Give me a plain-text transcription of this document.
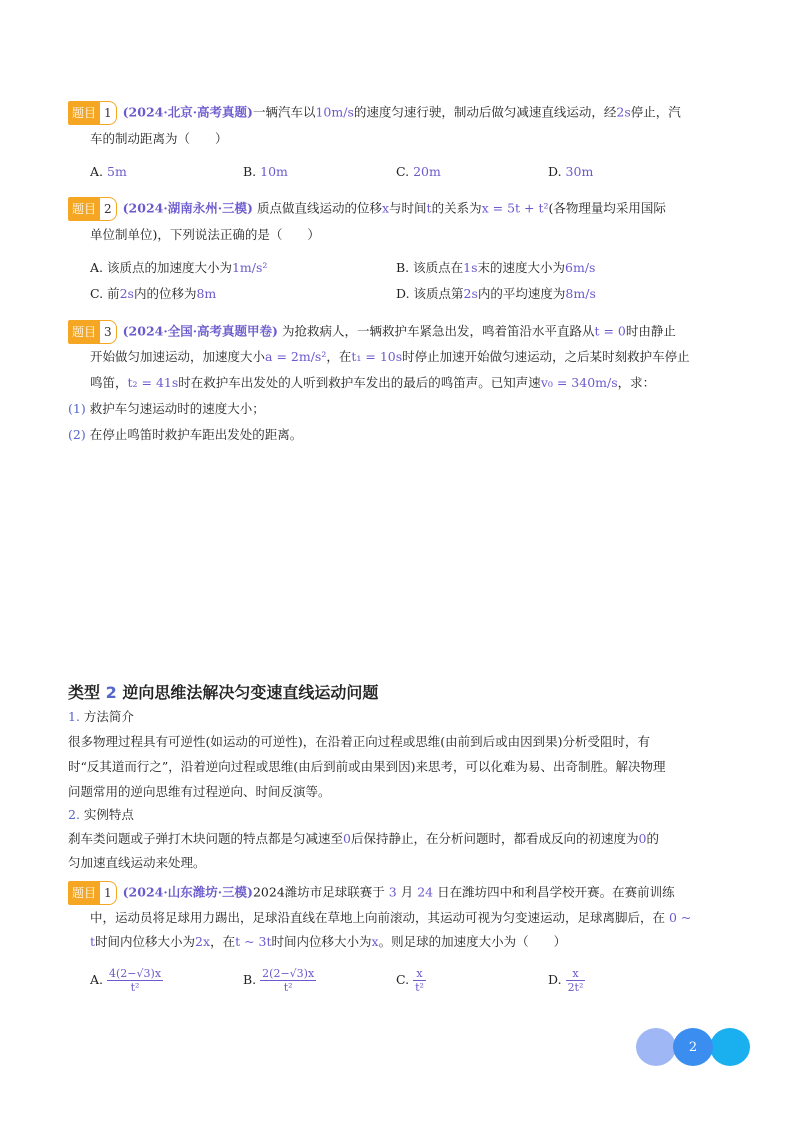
题目 1 (2024·北京·高考真题)一辆汽车以10m/s的速度匀速行驶，制动后做匀减速直线运动，经2s停止，汽
车的制动距离为（　　）
A. 5m	B. 10m	C. 20m	D. 30m
题目 2 (2024·湖南永州·三模) 质点做直线运动的位移x与时间t的关系为x = 5t + t²(各物理量均采用国际
单位制单位)，下列说法正确的是（　　）
A. 该质点的加速度大小为1m/s²	B. 该质点在1s末的速度大小为6m/s
C. 前2s内的位移为8m	D. 该质点第2s内的平均速度为8m/s
题目 3 (2024·全国·高考真题甲卷) 为抢救病人，一辆救护车紧急出发，鸣着笛沿水平直路从t = 0时由静止
开始做匀加速运动，加速度大小a = 2m/s²，在t₁ = 10s时停止加速开始做匀速运动，之后某时刻救护车停止
鸣笛，t₂ = 41s时在救护车出发处的人听到救护车发出的最后的鸣笛声。已知声速v₀ = 340m/s，求：
(1) 救护车匀速运动时的速度大小；
(2) 在停止鸣笛时救护车距出发处的距离。
类型 2 逆向思维法解决匀变速直线运动问题
1. 方法简介
很多物理过程具有可逆性(如运动的可逆性)，在沿着正向过程或思维(由前到后或由因到果)分析受阻时，有
时“反其道而行之”，沿着逆向过程或思维(由后到前或由果到因)来思考，可以化难为易、出奇制胜。解决物理
问题常用的逆向思维有过程逆向、时间反演等。
2. 实例特点
刹车类问题或子弹打木块问题的特点都是匀减速至0后保持静止，在分析问题时，都看成反向的初速度为0的
匀加速直线运动来处理。
题目 1 (2024·山东潍坊·三模)2024潍坊市足球联赛于 3 月 24 日在潍坊四中和利昌学校开赛。在赛前训练
中，运动员将足球用力踢出，足球沿直线在草地上向前滚动，其运动可视为匀变速运动，足球离脚后，在 0 ~
t时间内位移大小为2x，在t ~ 3t时间内位移大小为x。则足球的加速度大小为（　　）
A. $\frac{4(2-√3)x}{\text{t²}}$	B. $\frac{2(2-√3)x}{\text{t²}}$	C. $\frac{x}{\text{t²}}$	D. $\frac{x}{\text{2t²}}$
2
